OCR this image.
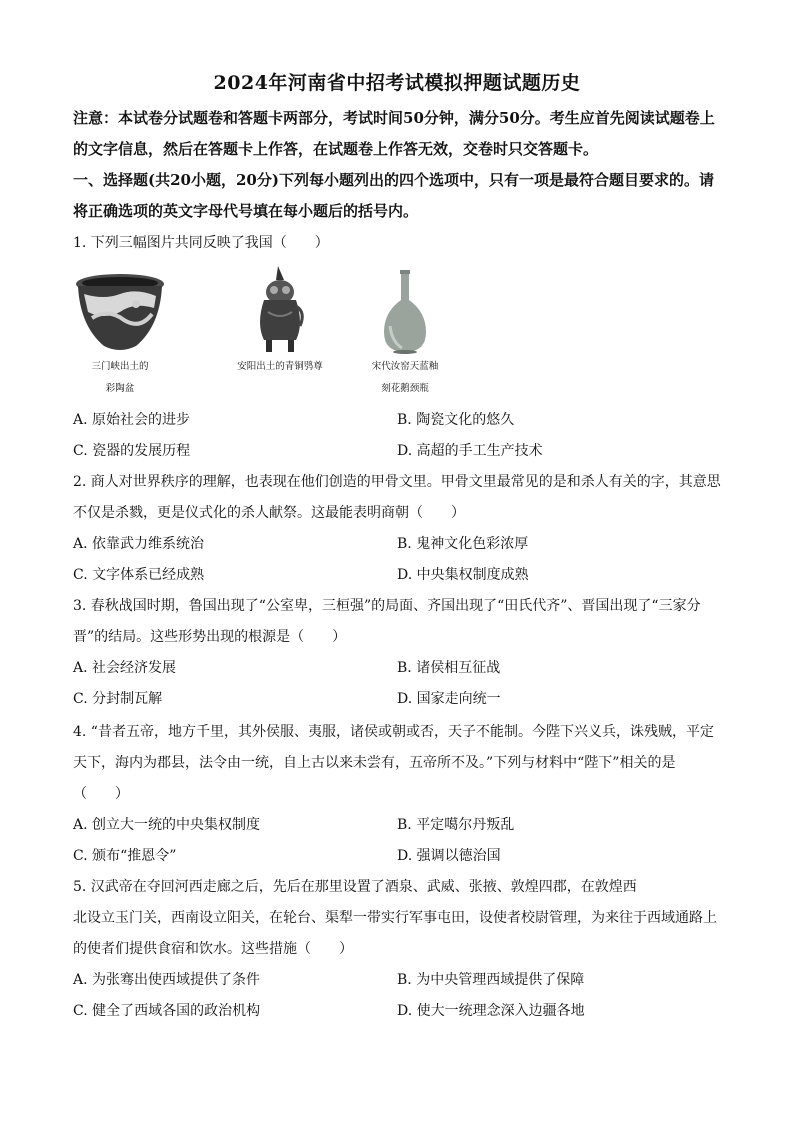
2024年河南省中招考试模拟押题试题历史
注意：本试卷分试题卷和答题卡两部分，考试时间50分钟，满分50分。考生应首先阅读试题卷上的文字信息，然后在答题卡上作答，在试题卷上作答无效，交卷时只交答题卡。
一、选择题(共20小题，20分)下列每小题列出的四个选项中，只有一项是最符合题目要求的。请将正确选项的英文字母代号填在每小题后的括号内。
1. 下列三幅图片共同反映了我国（　　）
三门峡出土的
彩陶盆
安阳出土的青铜鸮尊	宋代汝窑天蓝釉
刻花鹅颈瓶
A. 原始社会的进步	B. 陶瓷文化的悠久
C. 瓷器的发展历程	D. 高超的手工生产技术
2. 商人对世界秩序的理解，也表现在他们创造的甲骨文里。甲骨文里最常见的是和杀人有关的字，其意思
不仅是杀戮，更是仪式化的杀人献祭。这最能表明商朝（　　）
A. 依靠武力维系统治	B. 鬼神文化色彩浓厚
C. 文字体系已经成熟	D. 中央集权制度成熟
3. 春秋战国时期，鲁国出现了“公室卑，三桓强”的局面、齐国出现了“田氏代齐”、晋国出现了“三家分
晋”的结局。这些形势出现的根源是（　　）
A. 社会经济发展	B. 诸侯相互征战
C. 分封制瓦解	D. 国家走向统一
4. “昔者五帝，地方千里，其外侯服、夷服，诸侯或朝或否，天子不能制。今陛下兴义兵，诛残贼，平定
天下，海内为郡县，法令由一统，自上古以来未尝有，五帝所不及。”下列与材料中“陛下”相关的是
（　　）
A. 创立大一统的中央集权制度	B. 平定噶尔丹叛乱
C. 颁布“推恩令”	D. 强调以德治国
5. 汉武帝在夺回河西走廊之后，先后在那里设置了酒泉、武威、张掖、敦煌四郡，在敦煌西
北设立玉门关，西南设立阳关，在轮台、渠犁一带实行军事屯田，设使者校尉管理，为来往于西域通路上
的使者们提供食宿和饮水。这些措施（　　）
A. 为张骞出使西域提供了条件	B. 为中央管理西域提供了保障
C. 健全了西域各国的政治机构	D. 使大一统理念深入边疆各地
